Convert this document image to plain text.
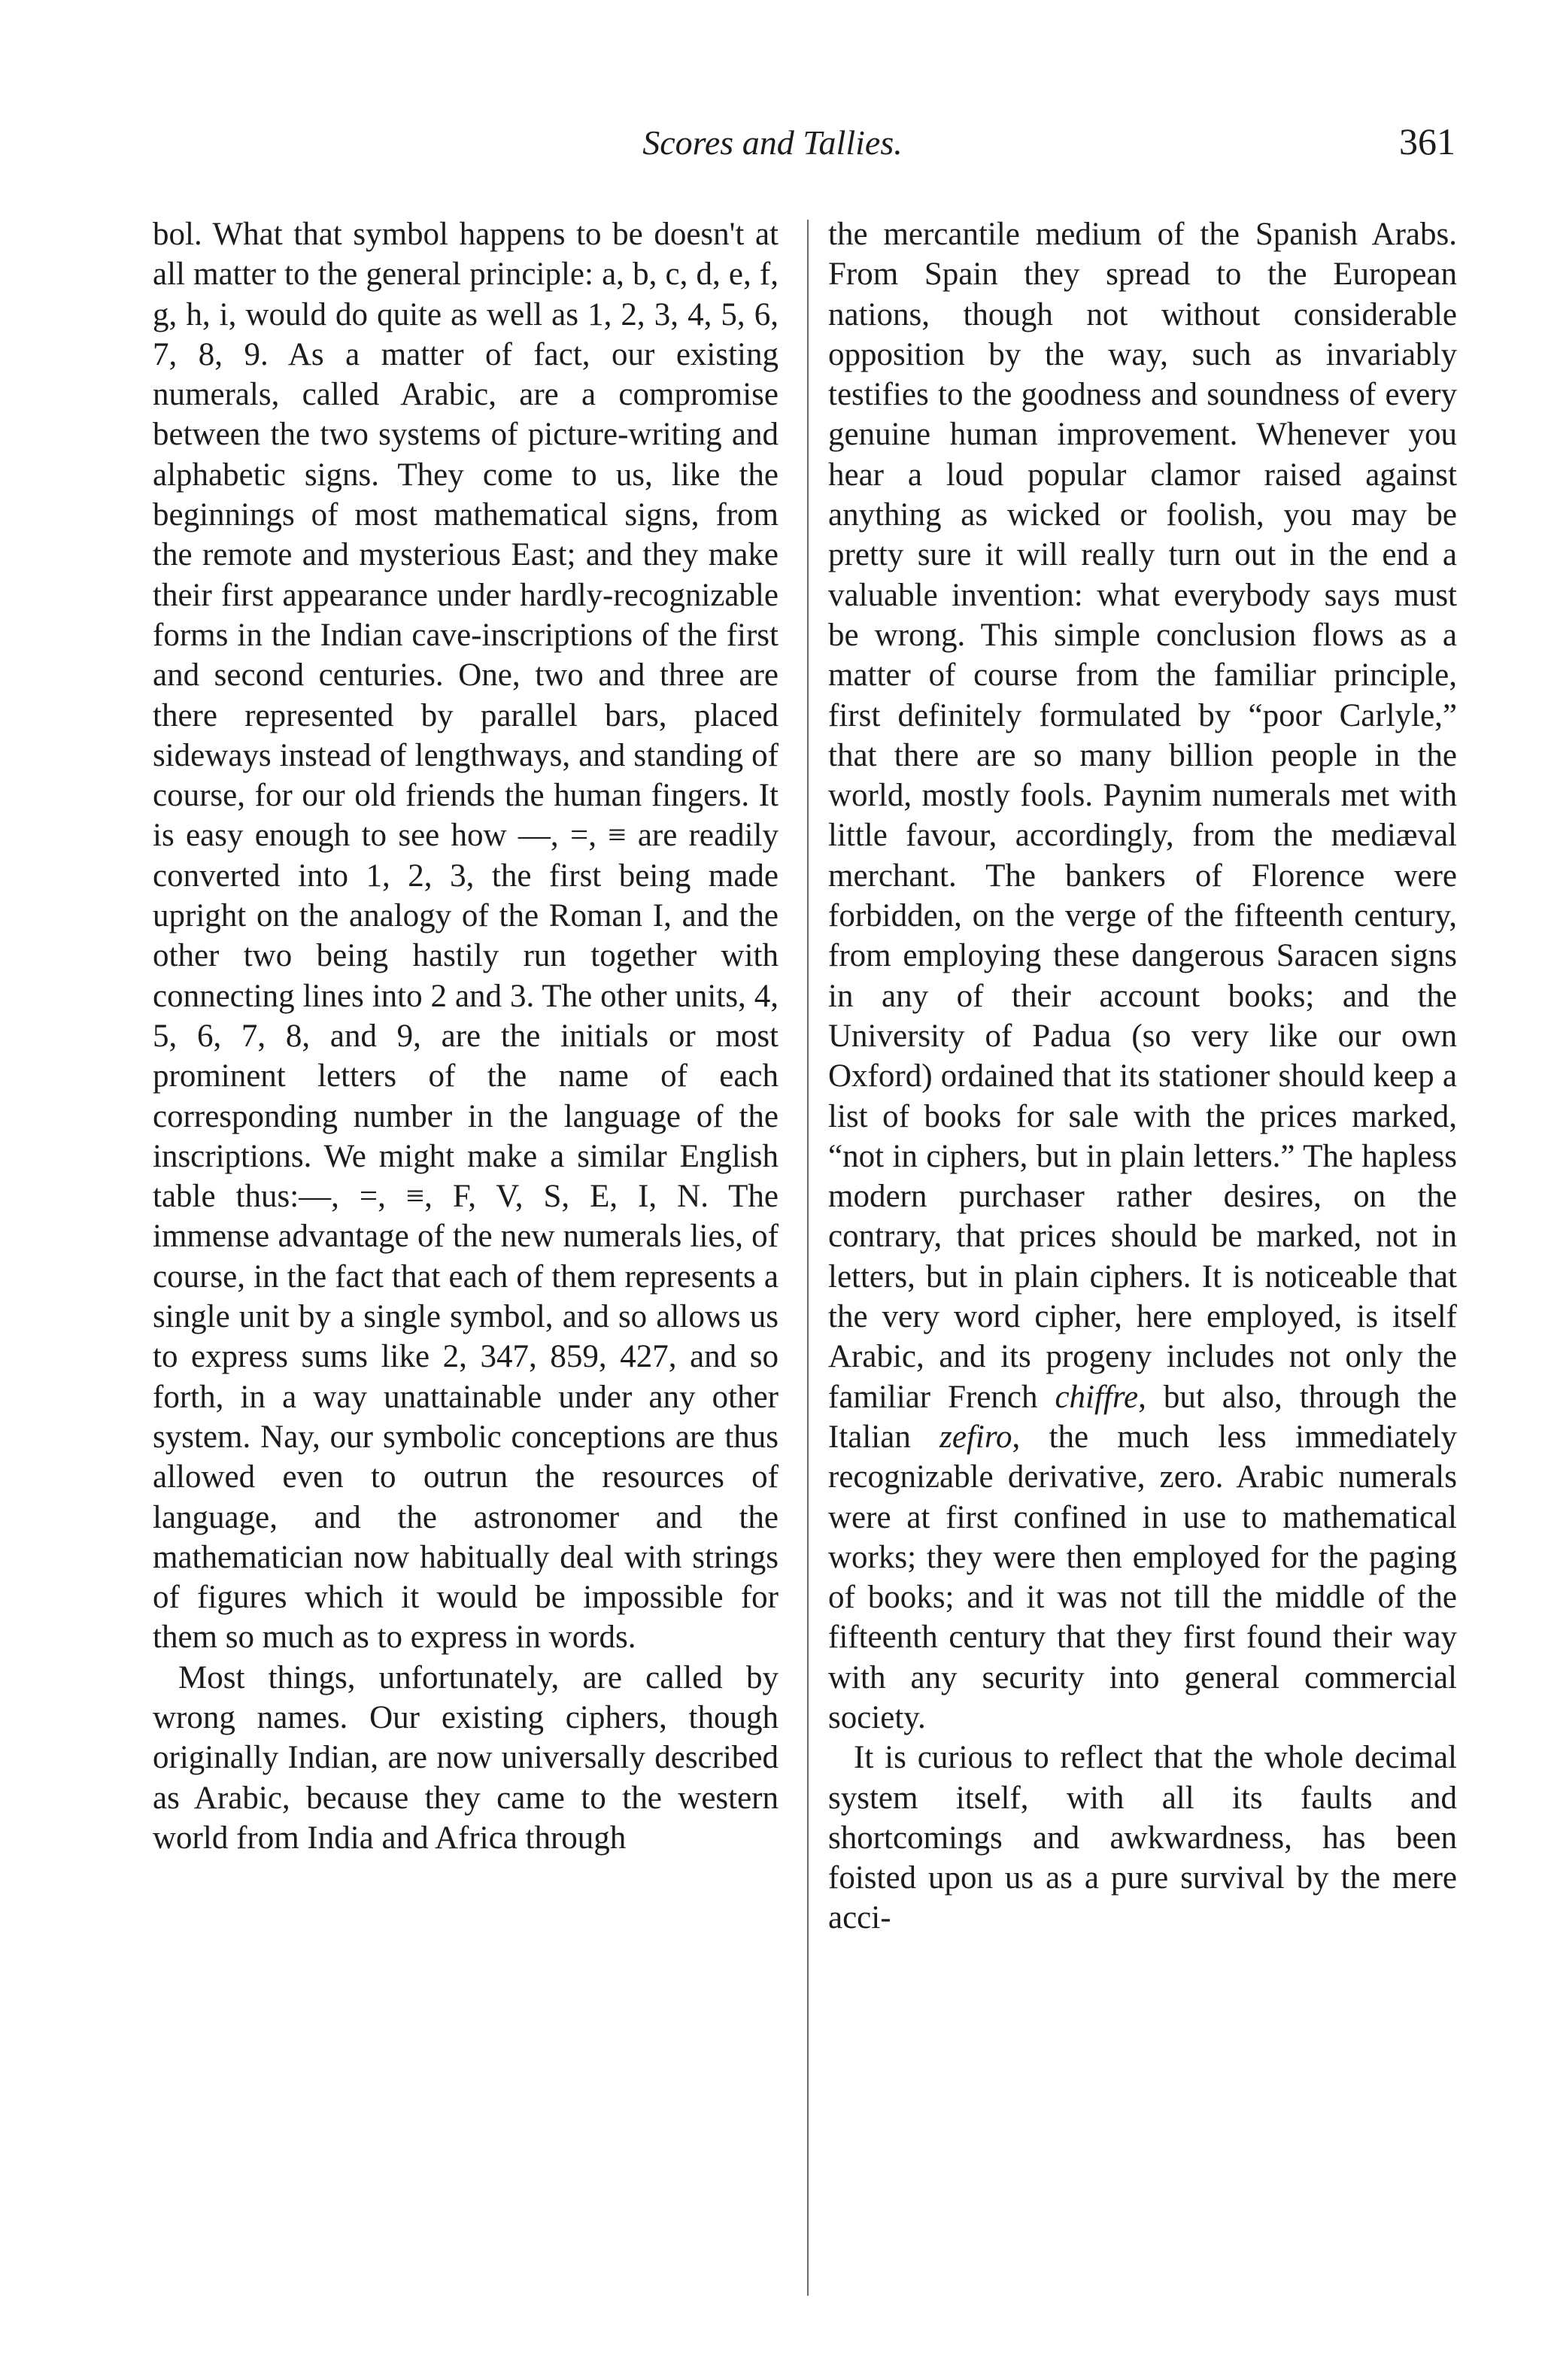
Scores and Tallies.	361

bol. What that symbol happens to be doesn't at all matter to the general principle: a, b, c, d, e, f, g, h, i, would do quite as well as 1, 2, 3, 4, 5, 6, 7, 8, 9. As a matter of fact, our existing numerals, called Arabic, are a compromise between the two systems of picture-writing and alphabetic signs. They come to us, like the beginnings of most mathematical signs, from the remote and mysterious East; and they make their first appearance under hardly-recognizable forms in the Indian cave-inscriptions of the first and second centuries. One, two and three are there represented by parallel bars, placed sideways instead of lengthways, and standing of course, for our old friends the human fingers. It is easy enough to see how —, =, ≡ are readily converted into 1, 2, 3, the first being made upright on the analogy of the Roman I, and the other two being hastily run together with connecting lines into 2 and 3. The other units, 4, 5, 6, 7, 8, and 9, are the initials or most prominent letters of the name of each corresponding number in the language of the inscriptions. We might make a similar English table thus:—, =, ≡, F, V, S, E, I, N. The immense advantage of the new numerals lies, of course, in the fact that each of them represents a single unit by a single symbol, and so allows us to express sums like 2, 347, 859, 427, and so forth, in a way unattainable under any other system. Nay, our symbolic conceptions are thus allowed even to outrun the resources of language, and the astronomer and the mathematician now habitually deal with strings of figures which it would be impossible for them so much as to express in words.

Most things, unfortunately, are called by wrong names. Our existing ciphers, though originally Indian, are now universally described as Arabic, because they came to the western world from India and Africa through

the mercantile medium of the Spanish Arabs. From Spain they spread to the European nations, though not without considerable opposition by the way, such as invariably testifies to the goodness and soundness of every genuine human improvement. Whenever you hear a loud popular clamor raised against anything as wicked or foolish, you may be pretty sure it will really turn out in the end a valuable invention: what everybody says must be wrong. This simple conclusion flows as a matter of course from the familiar principle, first definitely formulated by “poor Carlyle,” that there are so many billion people in the world, mostly fools. Paynim numerals met with little favour, accordingly, from the mediæval merchant. The bankers of Florence were forbidden, on the verge of the fifteenth century, from employing these dangerous Saracen signs in any of their account books; and the University of Padua (so very like our own Oxford) ordained that its stationer should keep a list of books for sale with the prices marked, “not in ciphers, but in plain letters.” The hapless modern purchaser rather desires, on the contrary, that prices should be marked, not in letters, but in plain ciphers. It is noticeable that the very word cipher, here employed, is itself Arabic, and its progeny includes not only the familiar French chiffre, but also, through the Italian zefiro, the much less immediately recognizable derivative, zero. Arabic numerals were at first confined in use to mathematical works; they were then employed for the paging of books; and it was not till the middle of the fifteenth century that they first found their way with any security into general commercial society.

It is curious to reflect that the whole decimal system itself, with all its faults and shortcomings and awkwardness, has been foisted upon us as a pure survival by the mere acci-
